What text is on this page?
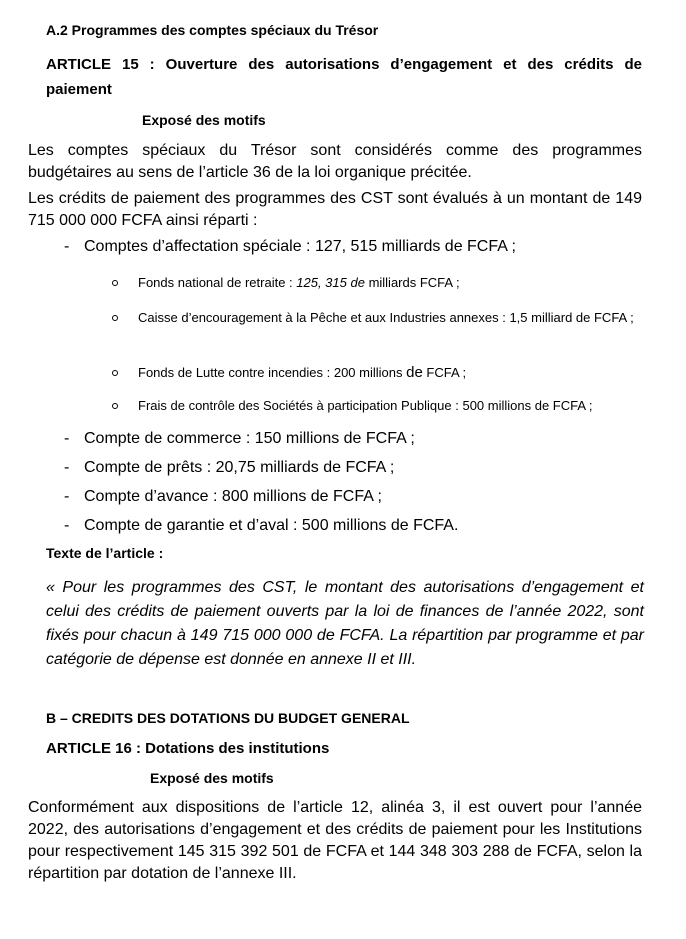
A.2 Programmes des comptes spéciaux du Trésor

ARTICLE 15 : Ouverture des autorisations d’engagement et des crédits de paiement

Exposé des motifs

Les comptes spéciaux du Trésor sont considérés comme des programmes budgétaires au sens de l’article 36 de la loi organique précitée.

Les crédits de paiement des programmes des CST sont évalués à un montant de 149 715 000 000 FCFA ainsi réparti :

- Comptes d’affectation spéciale : 127, 515 milliards de FCFA ;
Fonds national de retraite : 125, 315 de milliards FCFA ;
Caisse d’encouragement à la Pêche et aux Industries annexes : 1,5 milliard de FCFA ;
Fonds de Lutte contre incendies : 200 millions de FCFA ;
Frais de contrôle des Sociétés à participation Publique : 500 millions de FCFA ;
- Compte de commerce : 150 millions de FCFA ;
- Compte de prêts : 20,75 milliards de FCFA ;
- Compte d’avance : 800 millions de FCFA ;
- Compte de garantie et d’aval : 500 millions de FCFA.

Texte de l’article :

« Pour les programmes des CST, le montant des autorisations d’engagement et celui des crédits de paiement ouverts par la loi de finances de l’année 2022, sont fixés pour chacun à 149 715 000 000 de FCFA. La répartition par programme et par catégorie de dépense est donnée en annexe II et III.

B – CREDITS DES DOTATIONS DU BUDGET GENERAL

ARTICLE 16 : Dotations des institutions

Exposé des motifs

Conformément aux dispositions de l’article 12, alinéa 3, il est ouvert pour l’année 2022, des autorisations d’engagement et des crédits de paiement pour les Institutions pour respectivement 145 315 392 501 de FCFA et 144 348 303 288 de FCFA, selon la répartition par dotation de l’annexe III.
